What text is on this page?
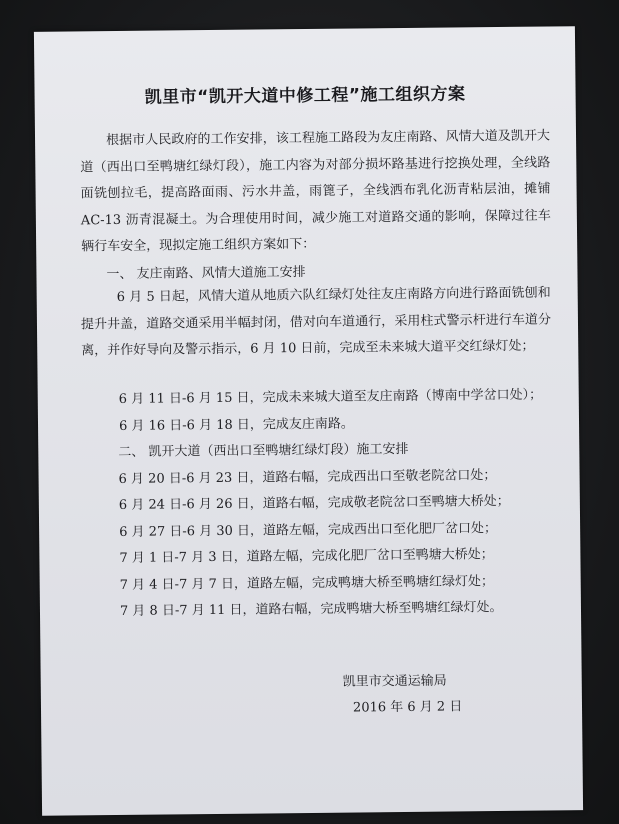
凯里市“凯开大道中修工程”施工组织方案

根据市人民政府的工作安排，该工程施工路段为友庄南路、风情大道及凯开大道（西出口至鸭塘红绿灯段），施工内容为对部分损坏路基进行挖换处理，全线路面铣刨拉毛，提高路面雨、污水井盖，雨篦子，全线洒布乳化沥青粘层油，摊铺 AC-13 沥青混凝土。为合理使用时间，减少施工对道路交通的影响，保障过往车辆行车安全，现拟定施工组织方案如下：

一、 友庄南路、风情大道施工安排

6 月 5 日起，风情大道从地质六队红绿灯处往友庄南路方向进行路面铣刨和提升井盖，道路交通采用半幅封闭，借对向车道通行，采用柱式警示杆进行车道分离，并作好导向及警示指示，6 月 10 日前，完成至未来城大道平交红绿灯处；

6 月 11 日-6 月 15 日，完成未来城大道至友庄南路（博南中学岔口处）；

6 月 16 日-6 月 18 日，完成友庄南路。

二、 凯开大道（西出口至鸭塘红绿灯段）施工安排

6 月 20 日-6 月 23 日，道路右幅，完成西出口至敬老院岔口处；

6 月 24 日-6 月 26 日，道路右幅，完成敬老院岔口至鸭塘大桥处；

6 月 27 日-6 月 30 日，道路左幅，完成西出口至化肥厂岔口处；

7 月 1 日-7 月 3 日，道路左幅，完成化肥厂岔口至鸭塘大桥处；

7 月 4 日-7 月 7 日，道路左幅，完成鸭塘大桥至鸭塘红绿灯处；

7 月 8 日-7 月 11 日，道路右幅，完成鸭塘大桥至鸭塘红绿灯处。

凯里市交通运输局
2016 年 6 月 2 日
